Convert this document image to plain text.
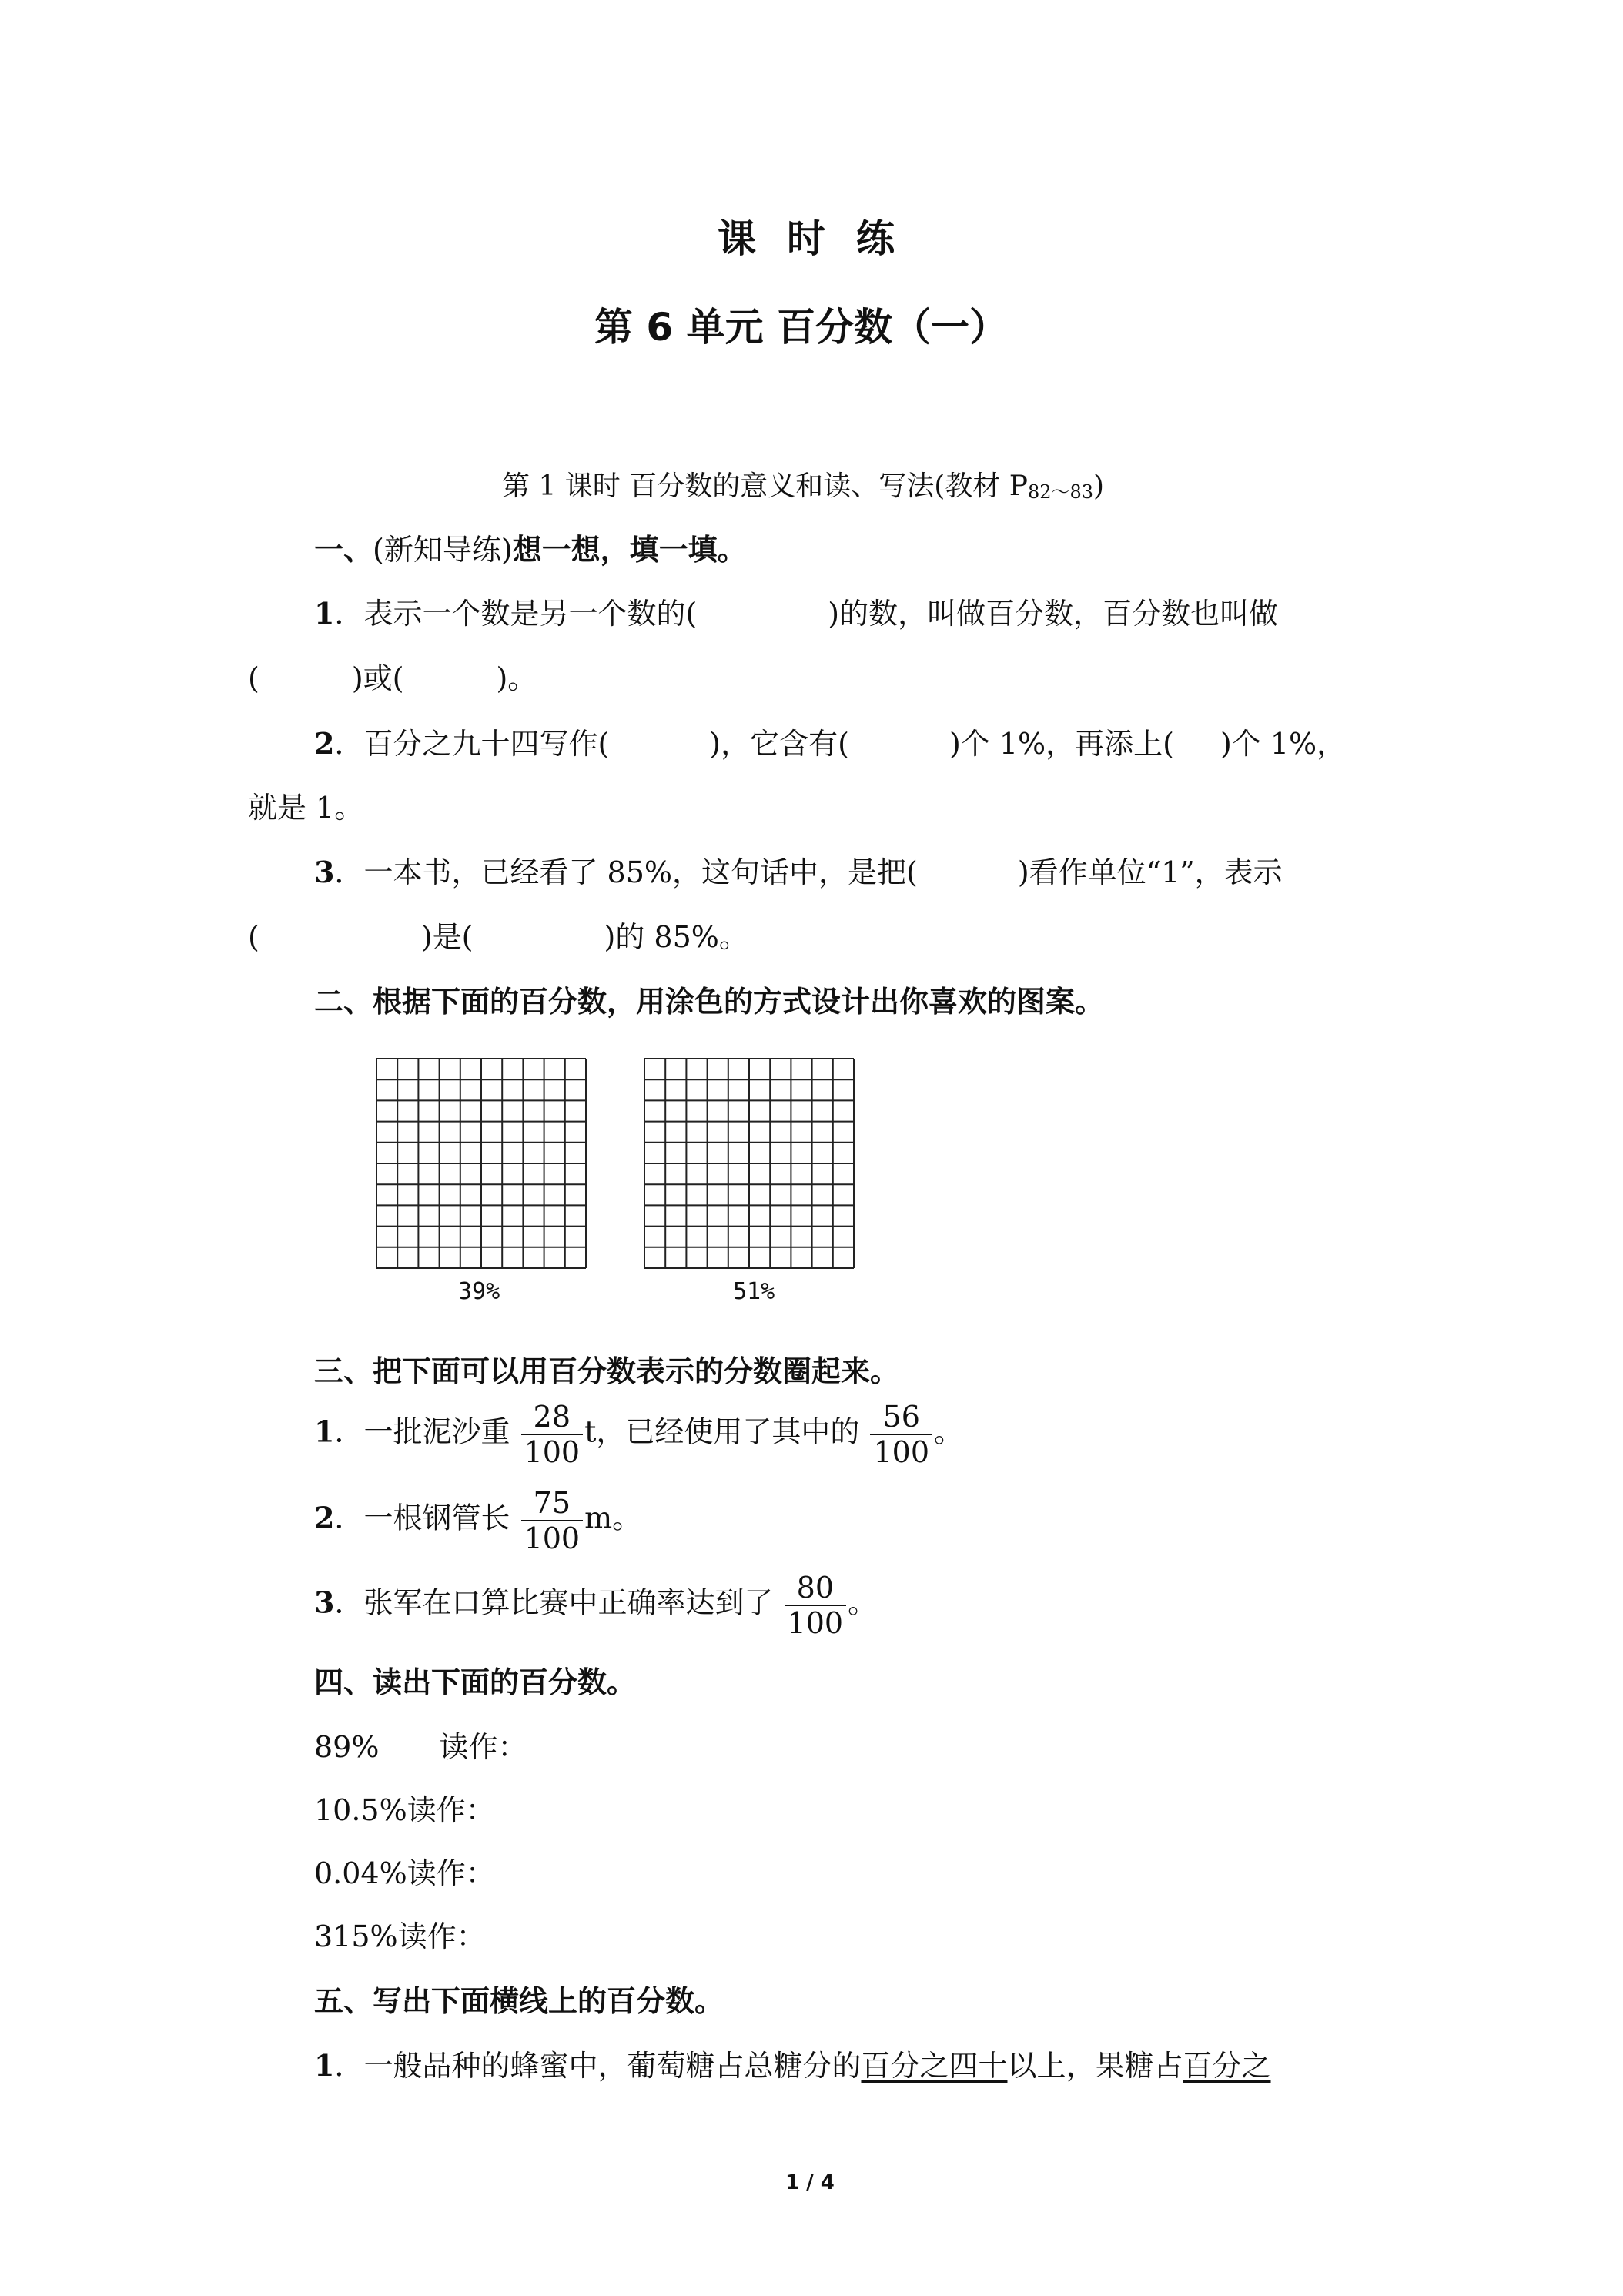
课时练
第 6 单元 百分数（一）
第 1 课时 百分数的意义和读、写法(教材 $P_{82\sim 83}$)
一、(新知导练)想一想，填一填。
1．表示一个数是另一个数的(	)的数，叫做百分数，百分数也叫做
(	)或(	)。
2．百分之九十四写作(	)，它含有(	)个 1%，再添上( )个 1%，
就是 1。
3．一本书，已经看了 85%，这句话中，是把(	)看作单位“1”，表示
(	)是(	)的 85%。
二、根据下面的百分数，用涂色的方式设计出你喜欢的图案。
39%	51%
三、把下面可以用百分数表示的分数圈起来。
1．一批泥沙重 $\frac{28}{100}$ t，已经使用了其中的 $\frac{56}{100}$ 。
2．一根钢管长 $\frac{75}{100}$ m。
3．张军在口算比赛中正确率达到了 $\frac{80}{100}$ 。
四、读出下面的百分数。
89% 读作：
10.5%读作：
0.04%读作：
315%读作：
五、写出下面横线上的百分数。
1．一般品种的蜂蜜中，葡萄糖占总糖分的百分之四十以上，果糖占百分之
1 / 4
